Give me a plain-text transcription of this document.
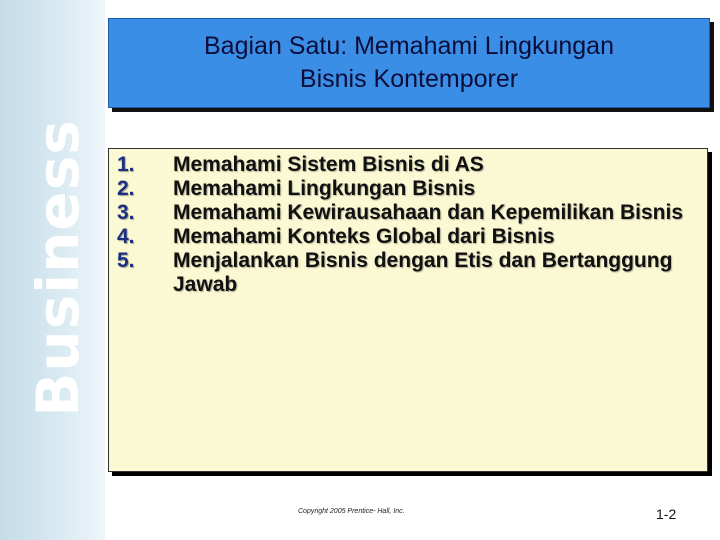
Business
Bagian Satu: Memahami Lingkungan
Bisnis Kontemporer
1.	Memahami Sistem Bisnis di AS
2.	Memahami Lingkungan Bisnis
3.	Memahami Kewirausahaan dan Kepemilikan Bisnis
4.	Memahami Konteks Global dari Bisnis
5.	Menjalankan Bisnis dengan Etis dan Bertanggung Jawab
Copyright 2005 Prentice- Hall, Inc.	1-2
